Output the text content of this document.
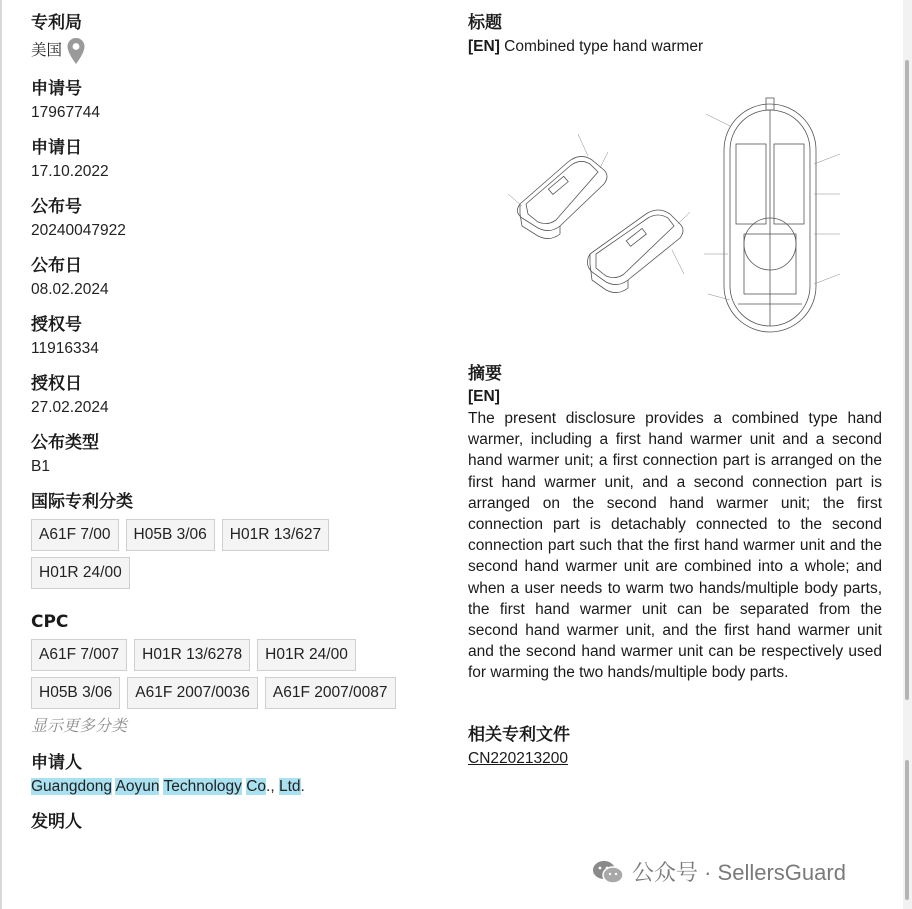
专利局
美国
申请号
17967744
申请日
17.10.2022
公布号
20240047922
公布日
08.02.2024
授权号
11916334
授权日
27.02.2024
公布类型
B1
国际专利分类
A61F 7/00	H05B 3/06	H01R 13/627
H01R 24/00
CPC
A61F 7/007	H01R 13/6278	H01R 24/00
H05B 3/06	A61F 2007/0036	A61F 2007/0087
显示更多分类
申请人
Guangdong Aoyun Technology Co., Ltd.
发明人
标题
[EN] Combined type hand warmer
摘要
[EN]
The present disclosure provides a combined type hand warmer, including a first hand warmer unit and a second hand warmer unit; a first connection part is arranged on the first hand warmer unit, and a second connection part is arranged on the second hand warmer unit; the first connection part is detachably connected to the second connection part such that the first hand warmer unit and the second hand warmer unit are combined into a whole; and when a user needs to warm two hands/multiple body parts, the first hand warmer unit can be separated from the second hand warmer unit, and the first hand warmer unit and the second hand warmer unit can be respectively used for warming the two hands/multiple body parts.
相关专利文件
CN220213200
公众号 · SellersGuard
